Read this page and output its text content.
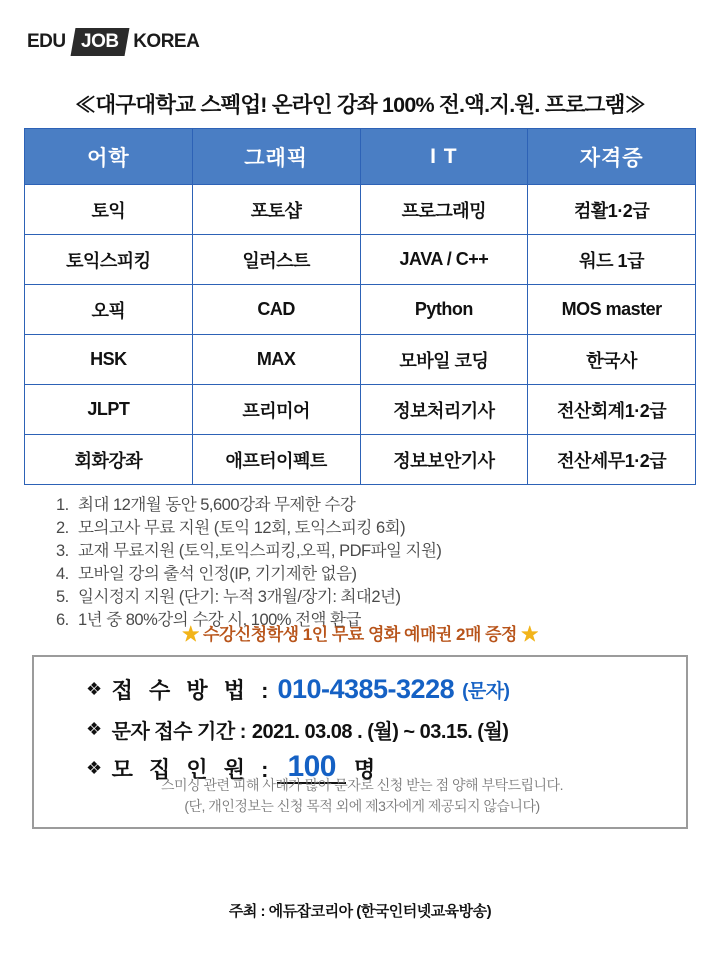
EDU JOB KOREA
≪대구대학교 스펙업! 온라인 강좌 100% 전.액.지.원. 프로그램≫
어학	그래픽	I T	자격증
토익	포토샵	프로그래밍	컴활1·2급
토익스피킹	일러스트	JAVA / C++	워드 1급
오픽	CAD	Python	MOS master
HSK	MAX	모바일 코딩	한국사
JLPT	프리미어	정보처리기사	전산회계1·2급
회화강좌	애프터이펙트	정보보안기사	전산세무1·2급
1. 최대 12개월 동안 5,600강좌 무제한 수강
2. 모의고사 무료 지원 (토익 12회, 토익스피킹 6회)
3. 교재 무료지원 (토익,토익스피킹,오픽, PDF파일 지원)
4. 모바일 강의 출석 인정(IP, 기기제한 없음)
5. 일시정지 지원 (단기: 누적 3개월/장기: 최대2년)
6. 1년 중 80%강의 수강 시, 100% 전액 환급
★ 수강신청학생 1인 무료 영화 예매권 2매 증정 ★
❖ 접 수 방 법 : 010-4385-3228 (문자)
❖ 문자 접수 기간 : 2021. 03.08 . (월) ~ 03.15. (월)
❖ 모 집 인 원 : 100 명
스미싱 관련 피해 사례가 많아 문자로 신청 받는 점 양해 부탁드립니다.
(단, 개인정보는 신청 목적 외에 제3자에게 제공되지 않습니다)
주최 : 에듀잡코리아 (한국인터넷교육방송)
